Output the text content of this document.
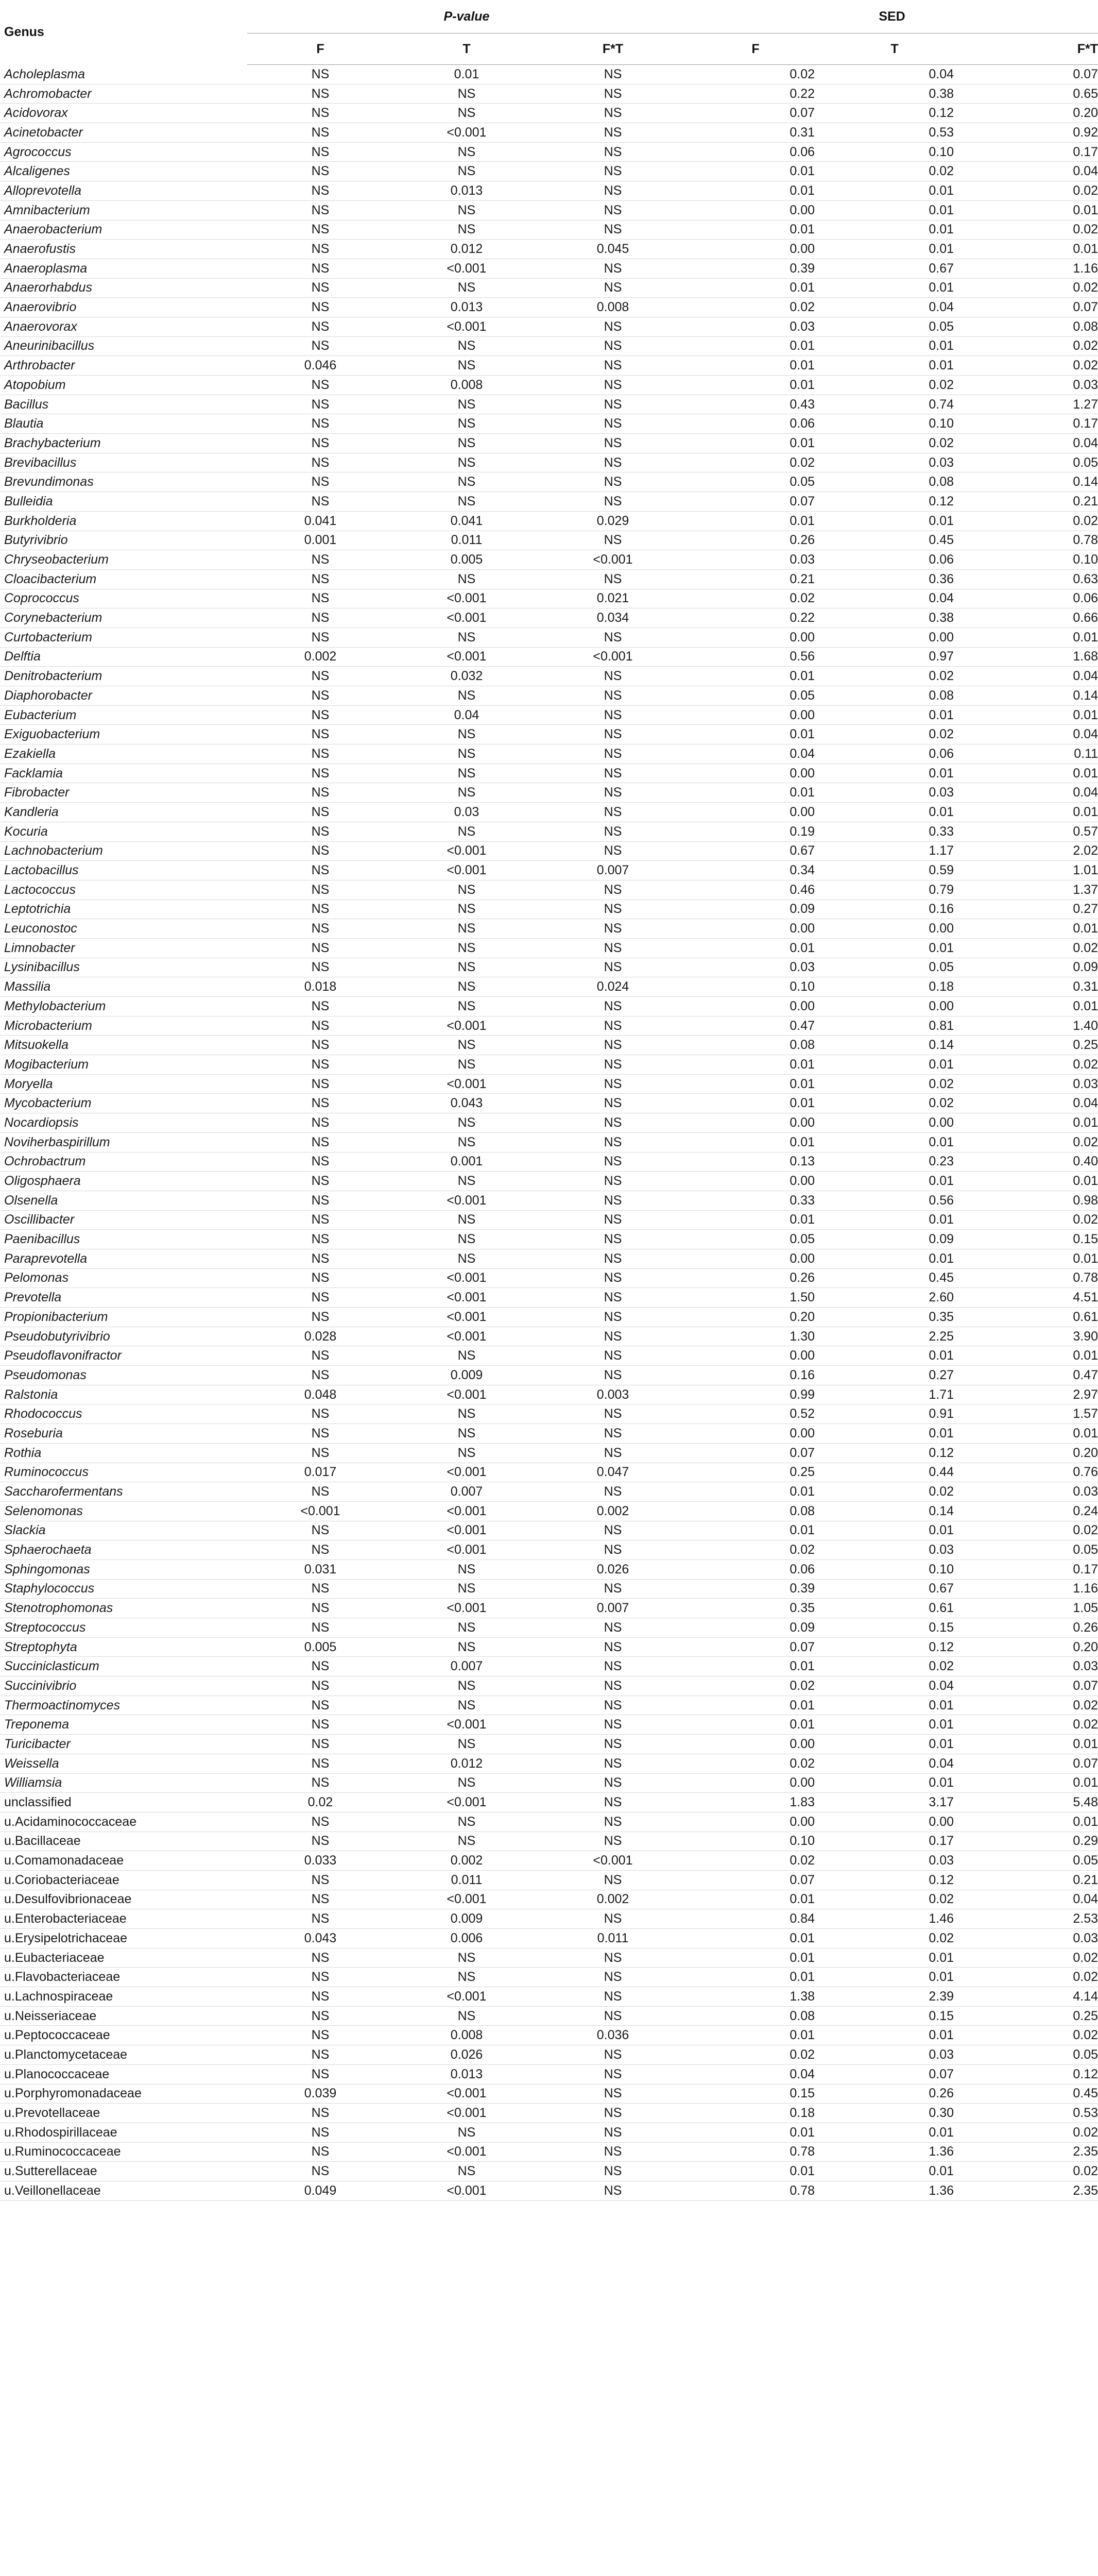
Genus	P-value			SED		
	F	T	F*T	F	T	F*T
Acholeplasma	NS	0.01	NS	0.02	0.04	0.07
Achromobacter	NS	NS	NS	0.22	0.38	0.65
Acidovorax	NS	NS	NS	0.07	0.12	0.20
Acinetobacter	NS	<0.001	NS	0.31	0.53	0.92
Agrococcus	NS	NS	NS	0.06	0.10	0.17
Alcaligenes	NS	NS	NS	0.01	0.02	0.04
Alloprevotella	NS	0.013	NS	0.01	0.01	0.02
Amnibacterium	NS	NS	NS	0.00	0.01	0.01
Anaerobacterium	NS	NS	NS	0.01	0.01	0.02
Anaerofustis	NS	0.012	0.045	0.00	0.01	0.01
Anaeroplasma	NS	<0.001	NS	0.39	0.67	1.16
Anaerorhabdus	NS	NS	NS	0.01	0.01	0.02
Anaerovibrio	NS	0.013	0.008	0.02	0.04	0.07
Anaerovorax	NS	<0.001	NS	0.03	0.05	0.08
Aneurinibacillus	NS	NS	NS	0.01	0.01	0.02
Arthrobacter	0.046	NS	NS	0.01	0.01	0.02
Atopobium	NS	0.008	NS	0.01	0.02	0.03
Bacillus	NS	NS	NS	0.43	0.74	1.27
Blautia	NS	NS	NS	0.06	0.10	0.17
Brachybacterium	NS	NS	NS	0.01	0.02	0.04
Brevibacillus	NS	NS	NS	0.02	0.03	0.05
Brevundimonas	NS	NS	NS	0.05	0.08	0.14
Bulleidia	NS	NS	NS	0.07	0.12	0.21
Burkholderia	0.041	0.041	0.029	0.01	0.01	0.02
Butyrivibrio	0.001	0.011	NS	0.26	0.45	0.78
Chryseobacterium	NS	0.005	<0.001	0.03	0.06	0.10
Cloacibacterium	NS	NS	NS	0.21	0.36	0.63
Coprococcus	NS	<0.001	0.021	0.02	0.04	0.06
Corynebacterium	NS	<0.001	0.034	0.22	0.38	0.66
Curtobacterium	NS	NS	NS	0.00	0.00	0.01
Delftia	0.002	<0.001	<0.001	0.56	0.97	1.68
Denitrobacterium	NS	0.032	NS	0.01	0.02	0.04
Diaphorobacter	NS	NS	NS	0.05	0.08	0.14
Eubacterium	NS	0.04	NS	0.00	0.01	0.01
Exiguobacterium	NS	NS	NS	0.01	0.02	0.04
Ezakiella	NS	NS	NS	0.04	0.06	0.11
Facklamia	NS	NS	NS	0.00	0.01	0.01
Fibrobacter	NS	NS	NS	0.01	0.03	0.04
Kandleria	NS	0.03	NS	0.00	0.01	0.01
Kocuria	NS	NS	NS	0.19	0.33	0.57
Lachnobacterium	NS	<0.001	NS	0.67	1.17	2.02
Lactobacillus	NS	<0.001	0.007	0.34	0.59	1.01
Lactococcus	NS	NS	NS	0.46	0.79	1.37
Leptotrichia	NS	NS	NS	0.09	0.16	0.27
Leuconostoc	NS	NS	NS	0.00	0.00	0.01
Limnobacter	NS	NS	NS	0.01	0.01	0.02
Lysinibacillus	NS	NS	NS	0.03	0.05	0.09
Massilia	0.018	NS	0.024	0.10	0.18	0.31
Methylobacterium	NS	NS	NS	0.00	0.00	0.01
Microbacterium	NS	<0.001	NS	0.47	0.81	1.40
Mitsuokella	NS	NS	NS	0.08	0.14	0.25
Mogibacterium	NS	NS	NS	0.01	0.01	0.02
Moryella	NS	<0.001	NS	0.01	0.02	0.03
Mycobacterium	NS	0.043	NS	0.01	0.02	0.04
Nocardiopsis	NS	NS	NS	0.00	0.00	0.01
Noviherbaspirillum	NS	NS	NS	0.01	0.01	0.02
Ochrobactrum	NS	0.001	NS	0.13	0.23	0.40
Oligosphaera	NS	NS	NS	0.00	0.01	0.01
Olsenella	NS	<0.001	NS	0.33	0.56	0.98
Oscillibacter	NS	NS	NS	0.01	0.01	0.02
Paenibacillus	NS	NS	NS	0.05	0.09	0.15
Paraprevotella	NS	NS	NS	0.00	0.01	0.01
Pelomonas	NS	<0.001	NS	0.26	0.45	0.78
Prevotella	NS	<0.001	NS	1.50	2.60	4.51
Propionibacterium	NS	<0.001	NS	0.20	0.35	0.61
Pseudobutyrivibrio	0.028	<0.001	NS	1.30	2.25	3.90
Pseudoflavonifractor	NS	NS	NS	0.00	0.01	0.01
Pseudomonas	NS	0.009	NS	0.16	0.27	0.47
Ralstonia	0.048	<0.001	0.003	0.99	1.71	2.97
Rhodococcus	NS	NS	NS	0.52	0.91	1.57
Roseburia	NS	NS	NS	0.00	0.01	0.01
Rothia	NS	NS	NS	0.07	0.12	0.20
Ruminococcus	0.017	<0.001	0.047	0.25	0.44	0.76
Saccharofermentans	NS	0.007	NS	0.01	0.02	0.03
Selenomonas	<0.001	<0.001	0.002	0.08	0.14	0.24
Slackia	NS	<0.001	NS	0.01	0.01	0.02
Sphaerochaeta	NS	<0.001	NS	0.02	0.03	0.05
Sphingomonas	0.031	NS	0.026	0.06	0.10	0.17
Staphylococcus	NS	NS	NS	0.39	0.67	1.16
Stenotrophomonas	NS	<0.001	0.007	0.35	0.61	1.05
Streptococcus	NS	NS	NS	0.09	0.15	0.26
Streptophyta	0.005	NS	NS	0.07	0.12	0.20
Succiniclasticum	NS	0.007	NS	0.01	0.02	0.03
Succinivibrio	NS	NS	NS	0.02	0.04	0.07
Thermoactinomyces	NS	NS	NS	0.01	0.01	0.02
Treponema	NS	<0.001	NS	0.01	0.01	0.02
Turicibacter	NS	NS	NS	0.00	0.01	0.01
Weissella	NS	0.012	NS	0.02	0.04	0.07
Williamsia	NS	NS	NS	0.00	0.01	0.01
unclassified	0.02	<0.001	NS	1.83	3.17	5.48
u.Acidaminococcaceae	NS	NS	NS	0.00	0.00	0.01
u.Bacillaceae	NS	NS	NS	0.10	0.17	0.29
u.Comamonadaceae	0.033	0.002	<0.001	0.02	0.03	0.05
u.Coriobacteriaceae	NS	0.011	NS	0.07	0.12	0.21
u.Desulfovibrionaceae	NS	<0.001	0.002	0.01	0.02	0.04
u.Enterobacteriaceae	NS	0.009	NS	0.84	1.46	2.53
u.Erysipelotrichaceae	0.043	0.006	0.011	0.01	0.02	0.03
u.Eubacteriaceae	NS	NS	NS	0.01	0.01	0.02
u.Flavobacteriaceae	NS	NS	NS	0.01	0.01	0.02
u.Lachnospiraceae	NS	<0.001	NS	1.38	2.39	4.14
u.Neisseriaceae	NS	NS	NS	0.08	0.15	0.25
u.Peptococcaceae	NS	0.008	0.036	0.01	0.01	0.02
u.Planctomycetaceae	NS	0.026	NS	0.02	0.03	0.05
u.Planococcaceae	NS	0.013	NS	0.04	0.07	0.12
u.Porphyromonadaceae	0.039	<0.001	NS	0.15	0.26	0.45
u.Prevotellaceae	NS	<0.001	NS	0.18	0.30	0.53
u.Rhodospirillaceae	NS	NS	NS	0.01	0.01	0.02
u.Ruminococcaceae	NS	<0.001	NS	0.78	1.36	2.35
u.Sutterellaceae	NS	NS	NS	0.01	0.01	0.02
u.Veillonellaceae	0.049	<0.001	NS	0.78	1.36	2.35
